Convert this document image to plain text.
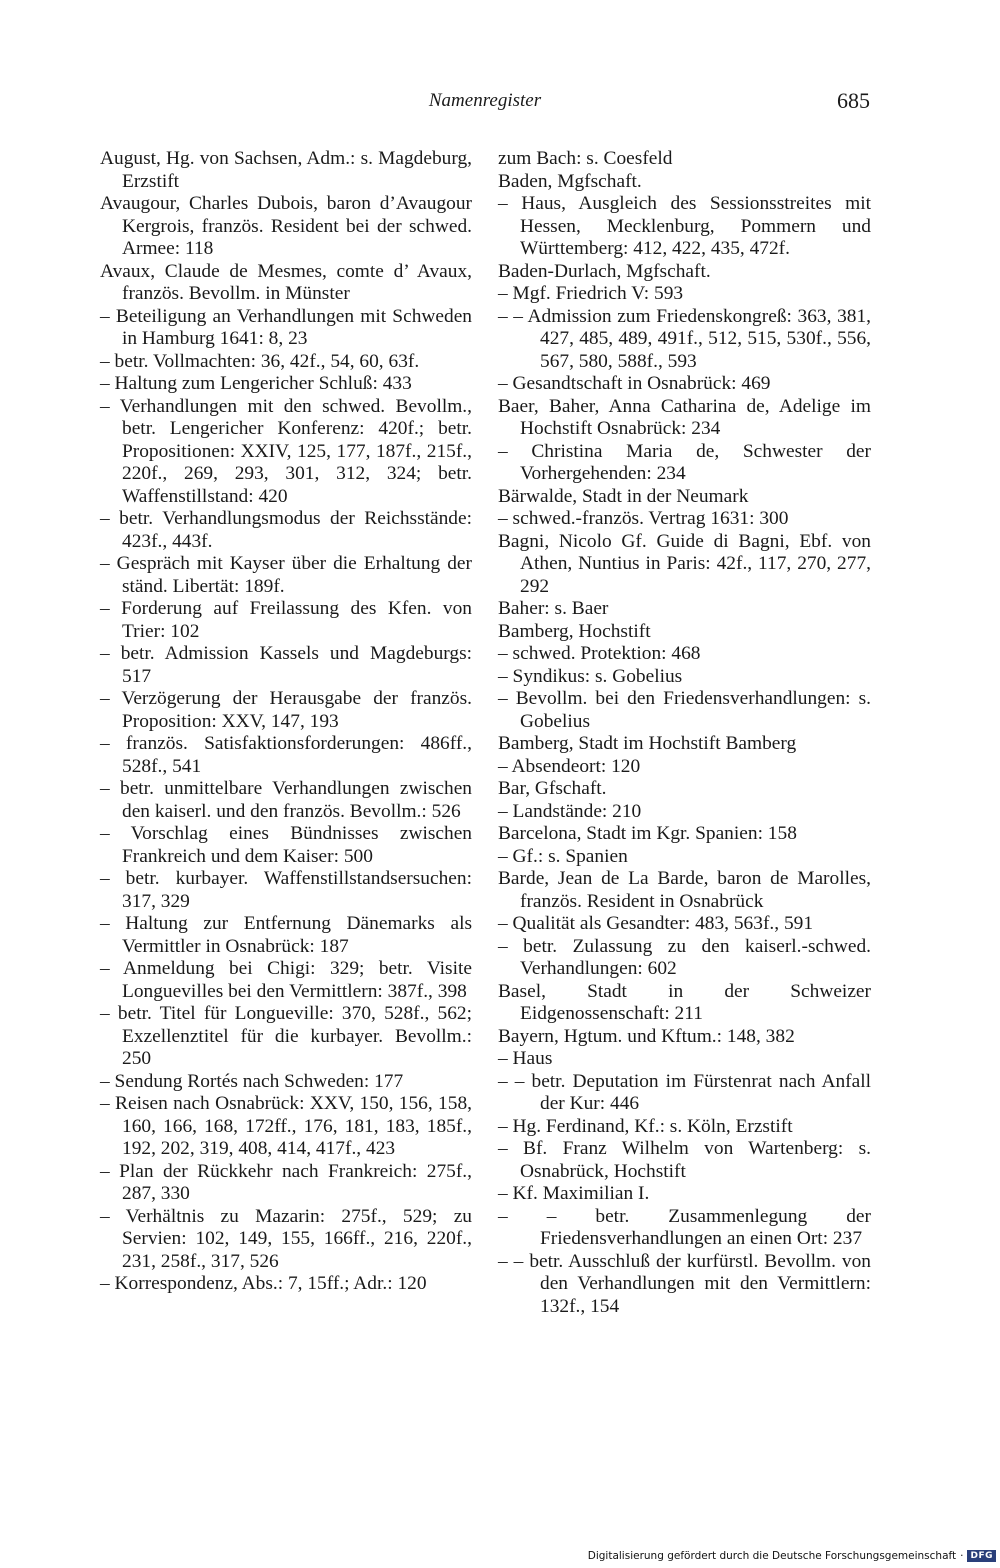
Namenregister	685

August, Hg. von Sachsen, Adm.: s. Magdeburg, Erzstift

Avaugour, Charles Dubois, baron d’Avaugour Kergrois, französ. Resident bei der schwed. Armee: 118

Avaux, Claude de Mesmes, comte d’ Avaux, französ. Bevollm. in Münster

– Beteiligung an Verhandlungen mit Schweden in Hamburg 1641: 8, 23

– betr. Vollmachten: 36, 42f., 54, 60, 63f.

– Haltung zum Lengericher Schluß: 433

– Verhandlungen mit den schwed. Bevollm., betr. Lengericher Konferenz: 420f.; betr. Propositionen: XXIV, 125, 177, 187f., 215f., 220f., 269, 293, 301, 312, 324; betr. Waffenstillstand: 420

– betr. Verhandlungsmodus der Reichsstände: 423f., 443f.

– Gespräch mit Kayser über die Erhaltung der ständ. Libertät: 189f.

– Forderung auf Freilassung des Kfen. von Trier: 102

– betr. Admission Kassels und Magdeburgs: 517

– Verzögerung der Herausgabe der französ. Proposition: XXV, 147, 193

– französ. Satisfaktionsforderungen: 486ff., 528f., 541

– betr. unmittelbare Verhandlungen zwischen den kaiserl. und den französ. Bevollm.: 526

– Vorschlag eines Bündnisses zwischen Frankreich und dem Kaiser: 500

– betr. kurbayer. Waffenstillstandsersuchen: 317, 329

– Haltung zur Entfernung Dänemarks als Vermittler in Osnabrück: 187

– Anmeldung bei Chigi: 329; betr. Visite Longuevilles bei den Vermittlern: 387f., 398

– betr. Titel für Longueville: 370, 528f., 562; Exzellenztitel für die kurbayer. Bevollm.: 250

– Sendung Rortés nach Schweden: 177

– Reisen nach Osnabrück: XXV, 150, 156, 158, 160, 166, 168, 172ff., 176, 181, 183, 185f., 192, 202, 319, 408, 414, 417f., 423

– Plan der Rückkehr nach Frankreich: 275f., 287, 330

– Verhältnis zu Mazarin: 275f., 529; zu Servien: 102, 149, 155, 166ff., 216, 220f., 231, 258f., 317, 526

– Korrespondenz, Abs.: 7, 15ff.; Adr.: 120

zum Bach: s. Coesfeld

Baden, Mgfschaft.

– Haus, Ausgleich des Sessionsstreites mit Hessen, Mecklenburg, Pommern und Württemberg: 412, 422, 435, 472f.

Baden-Durlach, Mgfschaft.

– Mgf. Friedrich V: 593

– – Admission zum Friedenskongreß: 363, 381, 427, 485, 489, 491f., 512, 515, 530f., 556, 567, 580, 588f., 593

– Gesandtschaft in Osnabrück: 469

Baer, Baher, Anna Catharina de, Adelige im Hochstift Osnabrück: 234

– Christina Maria de, Schwester der Vorhergehenden: 234

Bärwalde, Stadt in der Neumark

– schwed.-französ. Vertrag 1631: 300

Bagni, Nicolo Gf. Guide di Bagni, Ebf. von Athen, Nuntius in Paris: 42f., 117, 270, 277, 292

Baher: s. Baer

Bamberg, Hochstift

– schwed. Protektion: 468

– Syndikus: s. Gobelius

– Bevollm. bei den Friedensverhandlungen: s. Gobelius

Bamberg, Stadt im Hochstift Bamberg

– Absendeort: 120

Bar, Gfschaft.

– Landstände: 210

Barcelona, Stadt im Kgr. Spanien: 158

– Gf.: s. Spanien

Barde, Jean de La Barde, baron de Marolles, französ. Resident in Osnabrück

– Qualität als Gesandter: 483, 563f., 591

– betr. Zulassung zu den kaiserl.-schwed. Verhandlungen: 602

Basel, Stadt in der Schweizer Eidgenossenschaft: 211

Bayern, Hgtum. und Kftum.: 148, 382

– Haus

– – betr. Deputation im Fürstenrat nach Anfall der Kur: 446

– Hg. Ferdinand, Kf.: s. Köln, Erzstift

– Bf. Franz Wilhelm von Wartenberg: s. Osnabrück, Hochstift

– Kf. Maximilian I.

– – betr. Zusammenlegung der Friedensverhandlungen an einen Ort: 237

– – betr. Ausschluß der kurfürstl. Bevollm. von den Verhandlungen mit den Vermittlern: 132f., 154

Digitalisierung gefördert durch die Deutsche Forschungsgemeinschaft · DFG
